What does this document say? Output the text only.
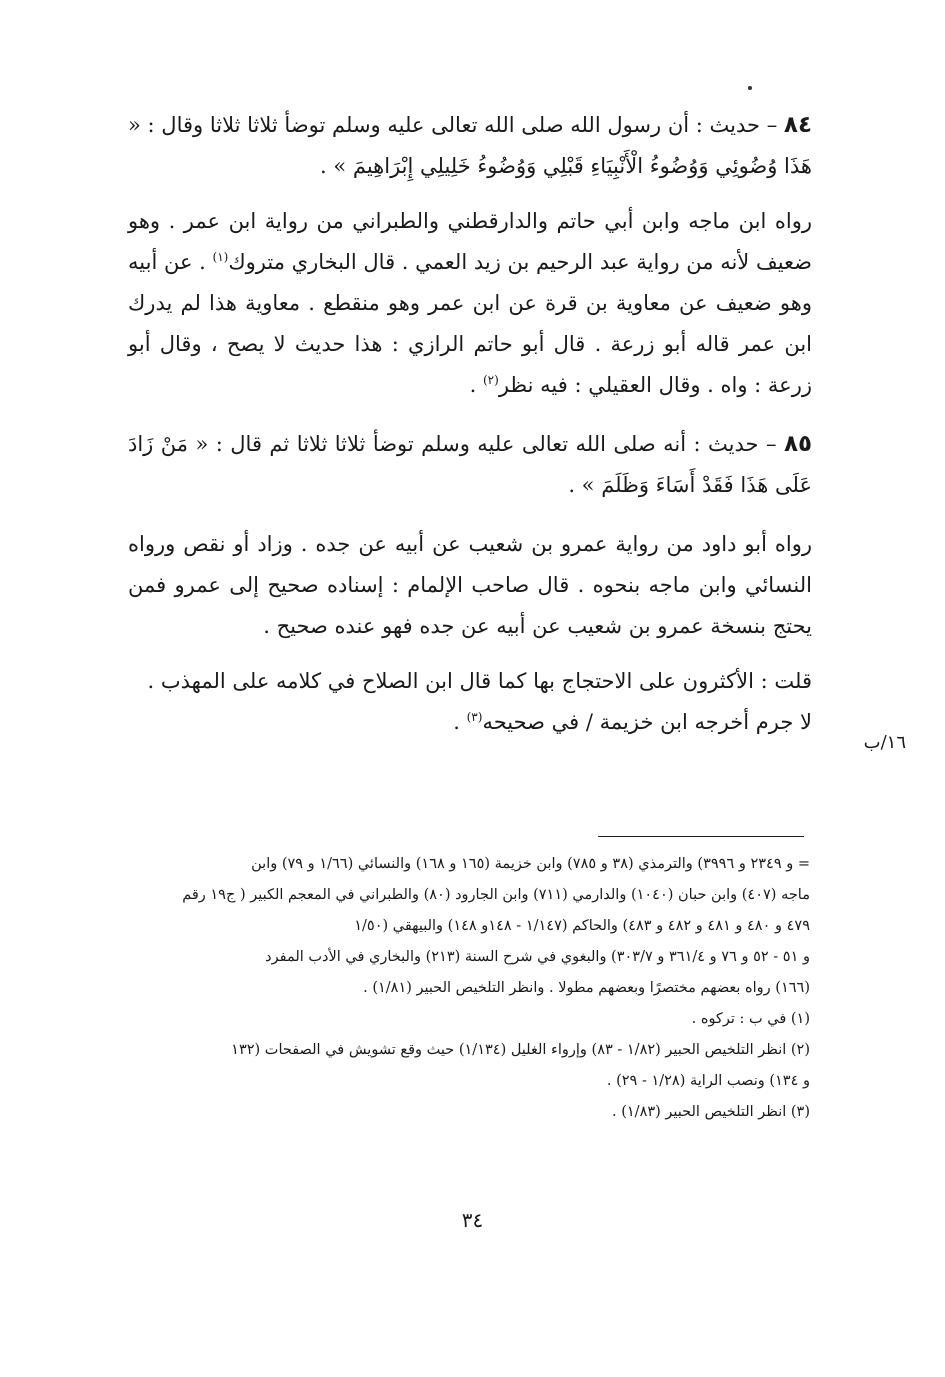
٨٤ – حديث : أن رسول الله صلى الله تعالى عليه وسلم توضأ ثلاثا ثلاثا وقال : « هَذَا وُضُوئِي وَوُضُوءُ الْأَنْبِيَاءِ قَبْلِي وَوُضُوءُ خَلِيلِي إِبْرَاهِيمَ » .

رواه ابن ماجه وابن أبي حاتم والدارقطني والطبراني من رواية ابن عمر . وهو ضعيف لأنه من رواية عبد الرحيم بن زيد العمي . قال البخاري متروك$^{(١)}$ . عن أبيه وهو ضعيف عن معاوية بن قرة عن ابن عمر وهو منقطع . معاوية هذا لم يدرك ابن عمر قاله أبو زرعة . قال أبو حاتم الرازي : هذا حديث لا يصح ، وقال أبو زرعة : واه . وقال العقيلي : فيه نظر$^{(٢)}$ .

٨٥ – حديث : أنه صلى الله تعالى عليه وسلم توضأ ثلاثا ثلاثا ثم قال : « مَنْ زَادَ عَلَى هَذَا فَقَدْ أَسَاءَ وَظَلَمَ » .

رواه أبو داود من رواية عمرو بن شعيب عن أبيه عن جده . وزاد أو نقص ورواه النسائي وابن ماجه بنحوه . قال صاحب الإلمام : إسناده صحيح إلى عمرو فمن يحتج بنسخة عمرو بن شعيب عن أبيه عن جده فهو عنده صحيح .

قلت : الأكثرون على الاحتجاج بها كما قال ابن الصلاح في كلامه على المهذب .
لا جرم أخرجه ابن خزيمة / في صحيحه$^{(٣)}$ .

١٦/ب

= و ٢٣٤٩ و ٣٩٩٦) والترمذي (٣٨ و ٧٨٥) وابن خزيمة (١٦٥ و ١٦٨) والنسائي (١/٦٦ و ٧٩) وابن

ماجه (٤٠٧) وابن حبان (١٠٤٠) والدارمي (٧١١) وابن الجارود (٨٠) والطبراني في المعجم الكبير ( ج١٩ رقم

٤٧٩ و ٤٨٠ و ٤٨١ و ٤٨٢ و ٤٨٣) والحاكم (١/١٤٧ - ١٤٨و ١٤٨) والبيهقي (١/٥٠

و ٥١ - ٥٢ و ٧٦ و ٣٦١/٤ و ٣٠٣/٧) والبغوي في شرح السنة (٢١٣) والبخاري في الأدب المفرد

(١٦٦) رواه بعضهم مختصرًا وبعضهم مطولا . وانظر التلخيص الحبير (١/٨١) .

(١) في ب : تركوه .

(٢) انظر التلخيص الحبير (١/٨٢ - ٨٣) وإرواء الغليل (١/١٣٤) حيث وقع تشويش في الصفحات (١٣٢

و ١٣٤) ونصب الراية (١/٢٨ - ٢٩) .

(٣) انظر التلخيص الحبير (١/٨٣) .

٣٤
